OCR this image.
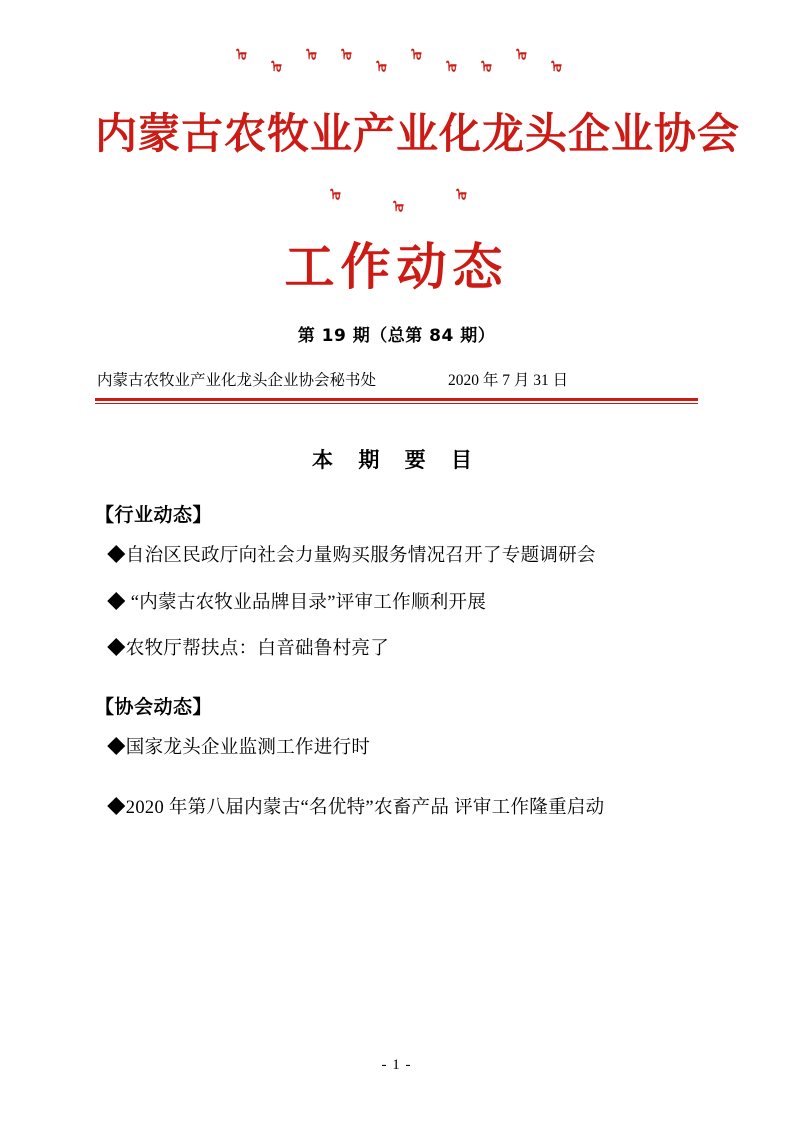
ᠦ
ᠦ
ᠦ ᠦ
ᠦ
ᠦ
ᠦ ᠦ
ᠦ
ᠦ
内蒙古农牧业产业化龙头企业协会
ᠦ
ᠦ
ᠦ
工作动态
第 19 期（总第 84 期）
内蒙古农牧业产业化龙头企业协会秘书处	2020 年 7 月 31 日
本 期 要 目
【行业动态】
◆自治区民政厅向社会力量购买服务情况召开了专题调研会
◆ “内蒙古农牧业品牌目录”评审工作顺利开展
◆农牧厅帮扶点：白音础鲁村亮了
【协会动态】
◆国家龙头企业监测工作进行时
◆2020 年第八届内蒙古“名优特”农畜产品 评审工作隆重启动
- 1 -
